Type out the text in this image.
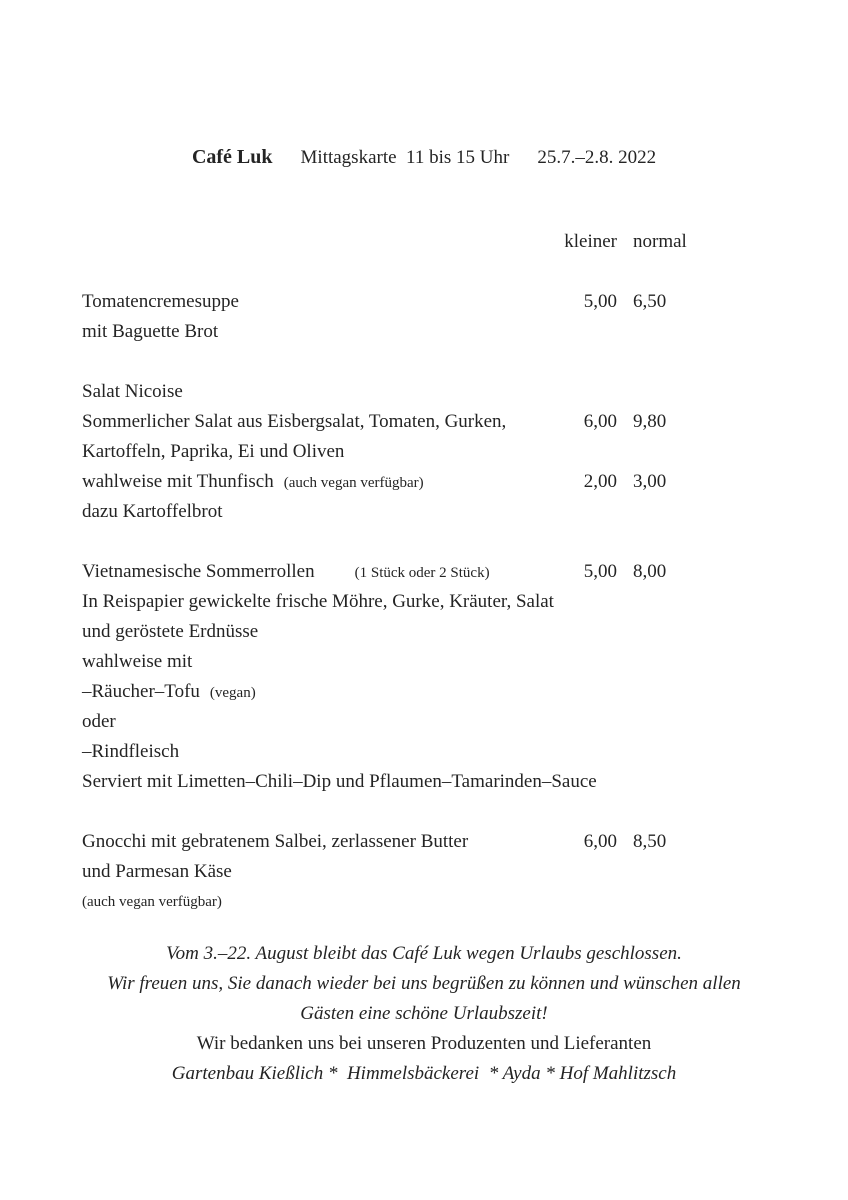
Café Luk Mittagskarte  11 bis 15 Uhr 25.7.–2.8. 2022
kleiner normal
Tomatencremesuppe	5,00 6,50
mit Baguette Brot
Salat Nicoise
Sommerlicher Salat aus Eisbergsalat, Tomaten, Gurken,	6,00 9,80
Kartoffeln, Paprika, Ei und Oliven
wahlweise mit Thunfisch (auch vegan verfügbar)	2,00 3,00
dazu Kartoffelbrot
Vietnamesische Sommerrollen	(1 Stück oder 2 Stück)	5,00 8,00
In Reispapier gewickelte frische Möhre, Gurke, Kräuter, Salat
und geröstete Erdnüsse
wahlweise mit
–Räucher–Tofu (vegan)
oder
–Rindfleisch
Serviert mit Limetten–Chili–Dip und Pflaumen–Tamarinden–Sauce
Gnocchi mit gebratenem Salbei, zerlassener Butter	6,00 8,50
und Parmesan Käse
(auch vegan verfügbar)
Vom 3.–22. August bleibt das Café Luk wegen Urlaubs geschlossen.
Wir freuen uns, Sie danach wieder bei uns begrüßen zu können und wünschen allen
Gästen eine schöne Urlaubszeit!
Wir bedanken uns bei unseren Produzenten und Lieferanten
Gartenbau Kießlich *  Himmelsbäckerei  * Ayda * Hof Mahlitzsch
